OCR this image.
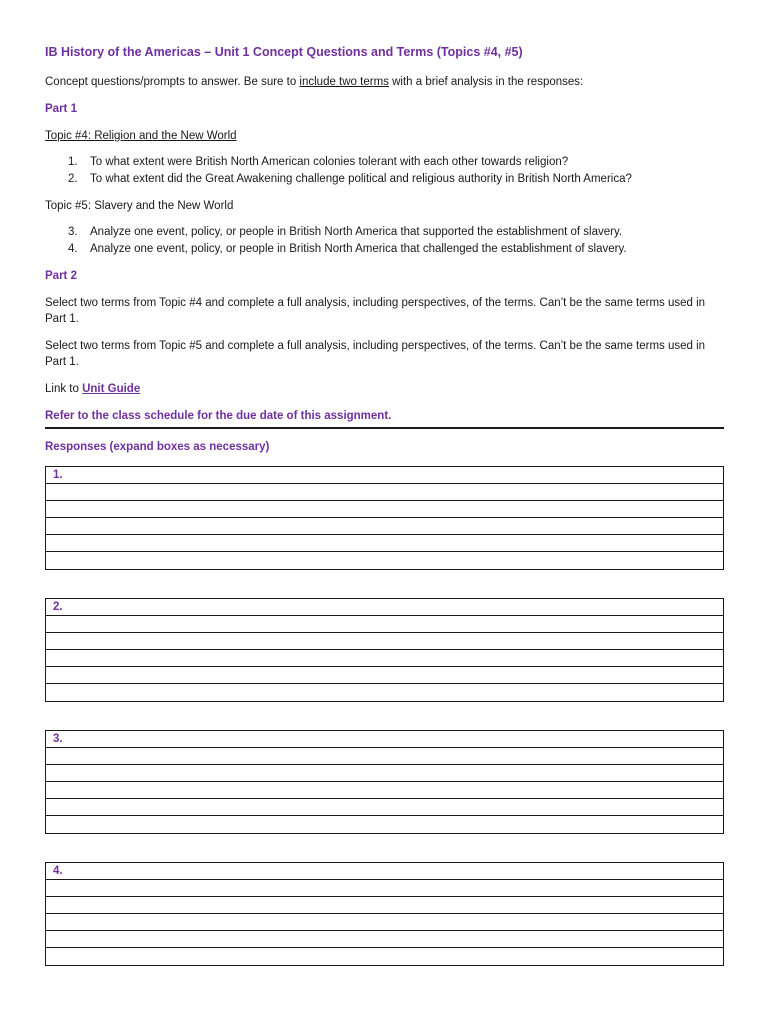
IB History of the Americas – Unit 1 Concept Questions and Terms (Topics #4, #5)
Concept questions/prompts to answer. Be sure to include two terms with a brief analysis in the responses:
Part 1
Topic #4: Religion and the New World
1. To what extent were British North American colonies tolerant with each other towards religion?
2. To what extent did the Great Awakening challenge political and religious authority in British North America?
Topic #5: Slavery and the New World
3. Analyze one event, policy, or people in British North America that supported the establishment of slavery.
4. Analyze one event, policy, or people in British North America that challenged the establishment of slavery.
Part 2
Select two terms from Topic #4 and complete a full analysis, including perspectives, of the terms. Can’t be the same terms used in Part 1.
Select two terms from Topic #5 and complete a full analysis, including perspectives, of the terms. Can’t be the same terms used in Part 1.
Link to Unit Guide
Refer to the class schedule for the due date of this assignment.
Responses (expand boxes as necessary)
1.
2.
3.
4.
